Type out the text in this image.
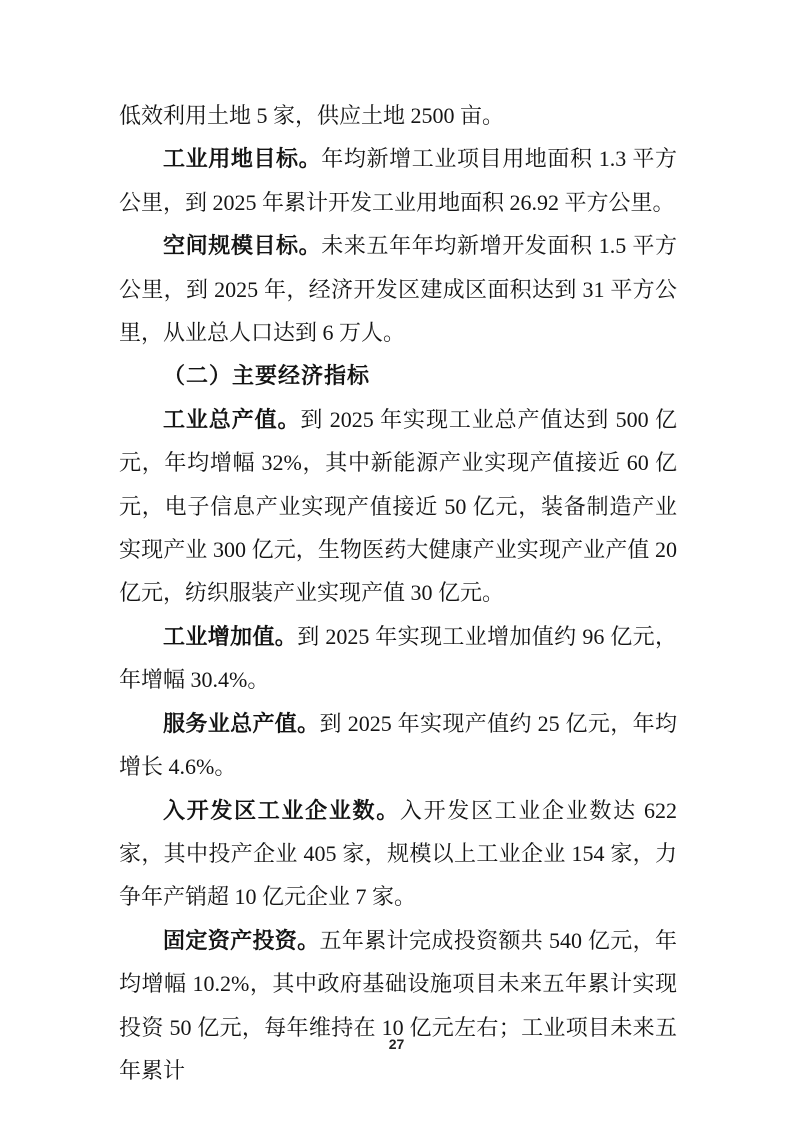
低效利用土地 5 家，供应土地 2500 亩。

工业用地目标。年均新增工业项目用地面积 1.3 平方公里，到 2025 年累计开发工业用地面积 26.92 平方公里。

空间规模目标。未来五年年均新增开发面积 1.5 平方公里，到 2025 年，经济开发区建成区面积达到 31 平方公里，从业总人口达到 6 万人。

（二）主要经济指标

工业总产值。到 2025 年实现工业总产值达到 500 亿元，年均增幅 32%，其中新能源产业实现产值接近 60 亿元，电子信息产业实现产值接近 50 亿元，装备制造产业实现产业 300 亿元，生物医药大健康产业实现产业产值 20 亿元，纺织服装产业实现产值 30 亿元。

工业增加值。到 2025 年实现工业增加值约 96 亿元，年增幅 30.4%。

服务业总产值。到 2025 年实现产值约 25 亿元，年均增长 4.6%。

入开发区工业企业数。入开发区工业企业数达 622 家，其中投产企业 405 家，规模以上工业企业 154 家，力争年产销超 10 亿元企业 7 家。

固定资产投资。五年累计完成投资额共 540 亿元，年均增幅 10.2%，其中政府基础设施项目未来五年累计实现投资 50 亿元，每年维持在 10 亿元左右；工业项目未来五年累计

27
